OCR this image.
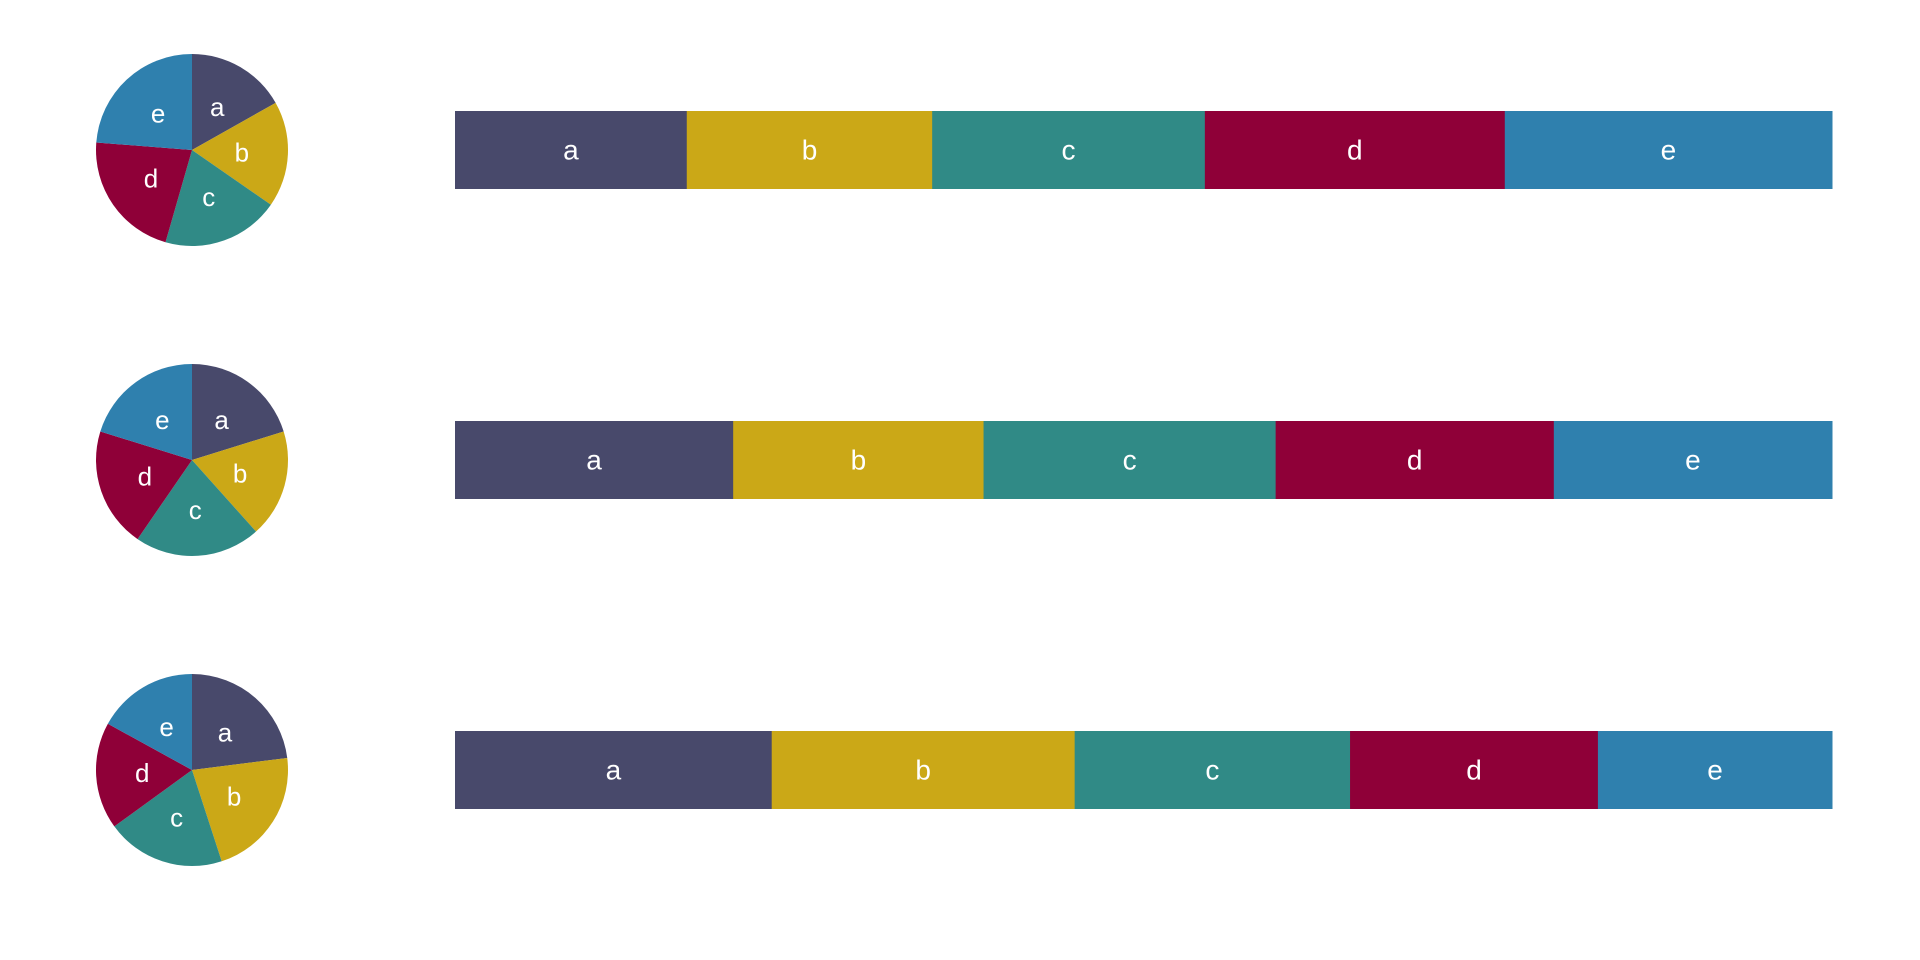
a
b
c
d
e
a	b	c	d	e
a
b
c
d
e
a	b	c	d	e
a
b
c
d
e
a	b	c	d	e
